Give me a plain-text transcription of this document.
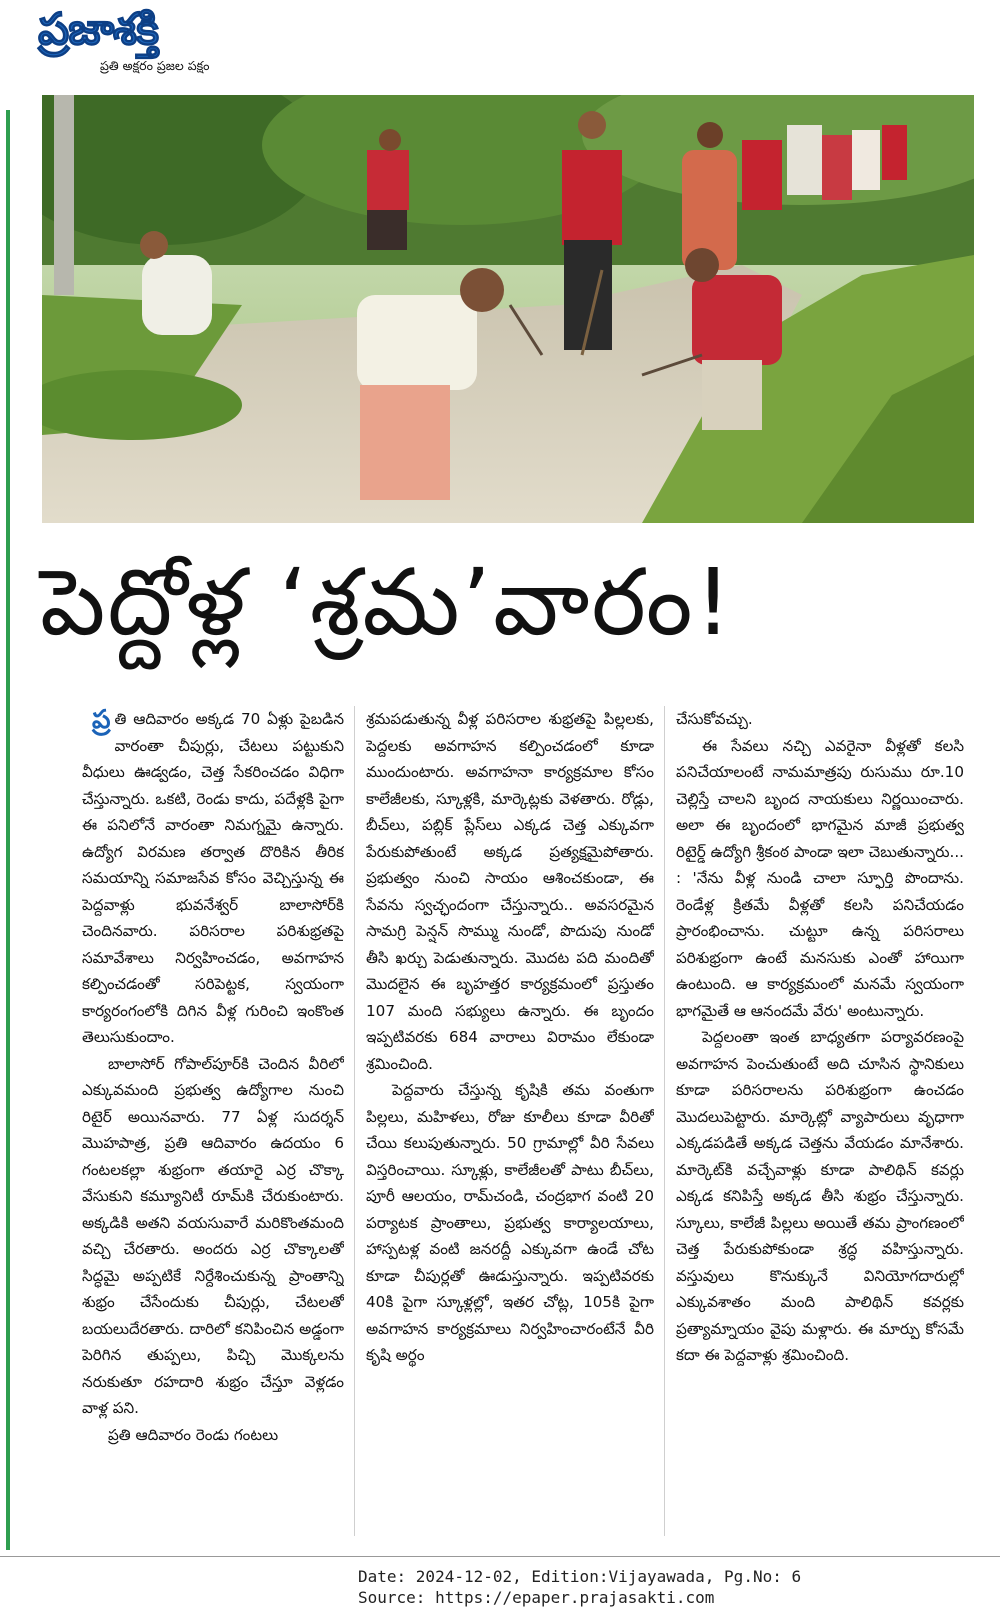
ప్రజాశక్తి
ప్రతి అక్షరం ప్రజల పక్షం
పెద్దోళ్ల ‘శ్రమ’వారం!

ప్ర తి ఆదివారం అక్కడ 70 ఏళ్లు పైబడిన వారంతా చీపుర్లు, చేటలు పట్టుకుని వీధులు ఊడ్వడం, చెత్త సేకరించడం విధిగా చేస్తున్నారు. ఒకటి, రెండు కాదు, పదేళ్లకి పైగా ఈ పనిలోనే వారంతా నిమగ్నమై ఉన్నారు. ఉద్యోగ విరమణ తర్వాత దొరికిన తీరిక సమయాన్ని సమాజసేవ కోసం వెచ్చిస్తున్న ఈ పెద్దవాళ్లు భువనేశ్వర్ బాలాసోర్‌కి చెందినవారు. పరిసరాల పరిశుభ్రతపై సమావేశాలు నిర్వహించడం, అవగాహన కల్పించడంతో సరిపెట్టక, స్వయంగా కార్యరంగంలోకి దిగిన వీళ్ల గురించి ఇంకొంత తెలుసుకుందాం.

బాలాసోర్ గోపాల్‌పూర్‌కి చెందిన వీరిలో ఎక్కువమంది ప్రభుత్వ ఉద్యోగాల నుంచి రిటైర్ అయినవారు. 77 ఏళ్ల సుదర్శన్ మొహపాత్ర, ప్రతి ఆదివారం ఉదయం 6 గంటలకల్లా శుభ్రంగా తయారై ఎర్ర చొక్కా వేసుకుని కమ్యూనిటీ రూమ్‌కి చేరుకుంటారు. అక్కడికి అతని వయసువారే మరికొంతమంది వచ్చి చేరతారు. అందరు ఎర్ర చొక్కాలతో సిద్ధమై అప్పటికే నిర్దేశించుకున్న ప్రాంతాన్ని శుభ్రం చేసేందుకు చీపుర్లు, చేటలతో బయలుదేరతారు. దారిలో కనిపించిన అడ్డంగా పెరిగిన తుప్పలు, పిచ్చి మొక్కలను నరుకుతూ రహదారి శుభ్రం చేస్తూ వెళ్లడం వాళ్ల పని.

ప్రతి ఆదివారం రెండు గంటలు

శ్రమపడుతున్న వీళ్ల పరిసరాల శుభ్రతపై పిల్లలకు, పెద్దలకు అవగాహన కల్పించడంలో కూడా ముందుంటారు. అవగాహనా కార్యక్రమాల కోసం కాలేజీలకు, స్కూళ్లకి, మార్కెట్లకు వెళతారు. రోడ్లు, బీచ్‌లు, పబ్లిక్ ప్లేస్‌లు ఎక్కడ చెత్త ఎక్కువగా పేరుకుపోతుంటే అక్కడ ప్రత్యక్షమైపోతారు. ప్రభుత్వం నుంచి సాయం ఆశించకుండా, ఈ సేవను స్వచ్ఛందంగా చేస్తున్నారు.. అవసరమైన సామగ్రి పెన్షన్ సొమ్ము నుండో, పొదుపు నుండో తీసి ఖర్చు పెడుతున్నారు. మొదట పది మందితో మొదలైన ఈ బృహత్తర కార్యక్రమంలో ప్రస్తుతం 107 మంది సభ్యులు ఉన్నారు. ఈ బృందం ఇప్పటివరకు 684 వారాలు విరామం లేకుండా శ్రమించింది.

పెద్దవారు చేస్తున్న కృషికి తమ వంతుగా పిల్లలు, మహిళలు, రోజు కూలీలు కూడా వీరితో చేయి కలుపుతున్నారు. 50 గ్రామాల్లో వీరి సేవలు విస్తరించాయి. స్కూళ్లు, కాలేజీలతో పాటు బీచ్‌లు, పూరీ ఆలయం, రామ్‌చండి, చంద్రభాగ వంటి 20 పర్యాటక ప్రాంతాలు, ప్రభుత్వ కార్యాలయాలు, హాస్పటళ్ల వంటి జనరద్దీ ఎక్కువగా ఉండే చోట కూడా చీపుర్లతో ఊడుస్తున్నారు. ఇప్పటివరకు 40కి పైగా స్కూళ్లల్లో, ఇతర చోట్ల, 105కి పైగా అవగాహన కార్యక్రమాలు నిర్వహించారంటేనే వీరి కృషి అర్థం

చేసుకోవచ్చు.

ఈ సేవలు నచ్చి ఎవరైనా వీళ్లతో కలసి పనిచేయాలంటే నామమాత్రపు రుసుము రూ.10 చెల్లిస్తే చాలని బృంద నాయకులు నిర్ణయించారు. అలా ఈ బృందంలో భాగమైన మాజీ ప్రభుత్వ రిటైర్డ్ ఉద్యోగి శ్రీకంఠ పాండా ఇలా చెబుతున్నారు... : 'నేను వీళ్ల నుండి చాలా స్ఫూర్తి పొందాను. రెండేళ్ల క్రితమే వీళ్లతో కలసి పనిచేయడం ప్రారంభించాను. చుట్టూ ఉన్న పరిసరాలు పరిశుభ్రంగా ఉంటే మనసుకు ఎంతో హాయిగా ఉంటుంది. ఆ కార్యక్రమంలో మనమే స్వయంగా భాగమైతే ఆ ఆనందమే వేరు' అంటున్నారు.

పెద్దలంతా ఇంత బాధ్యతగా పర్యావరణంపై అవగాహన పెంచుతుంటే అది చూసిన స్థానికులు కూడా పరిసరాలను పరిశుభ్రంగా ఉంచడం మొదలుపెట్టారు. మార్కెట్లో వ్యాపారులు వృధాగా ఎక్కడపడితే అక్కడ చెత్తను వేయడం మానేశారు. మార్కెట్‌కి వచ్చేవాళ్లు కూడా పాలిథిన్ కవర్లు ఎక్కడ కనిపిస్తే అక్కడ తీసి శుభ్రం చేస్తున్నారు. స్కూలు, కాలేజీ పిల్లలు అయితే తమ ప్రాంగణంలో చెత్త పేరుకుపోకుండా శ్రద్ధ వహిస్తున్నారు. వస్తువులు కొనుక్కునే వినియోగదారుల్లో ఎక్కువశాతం మంది పాలిథిన్ కవర్లకు ప్రత్యామ్నాయం వైపు మళ్లారు. ఈ మార్పు కోసమే కదా ఈ పెద్దవాళ్లు శ్రమించింది.

Date: 2024-12-02, Edition:Vijayawada, Pg.No: 6
Source: https://epaper.prajasakti.com
